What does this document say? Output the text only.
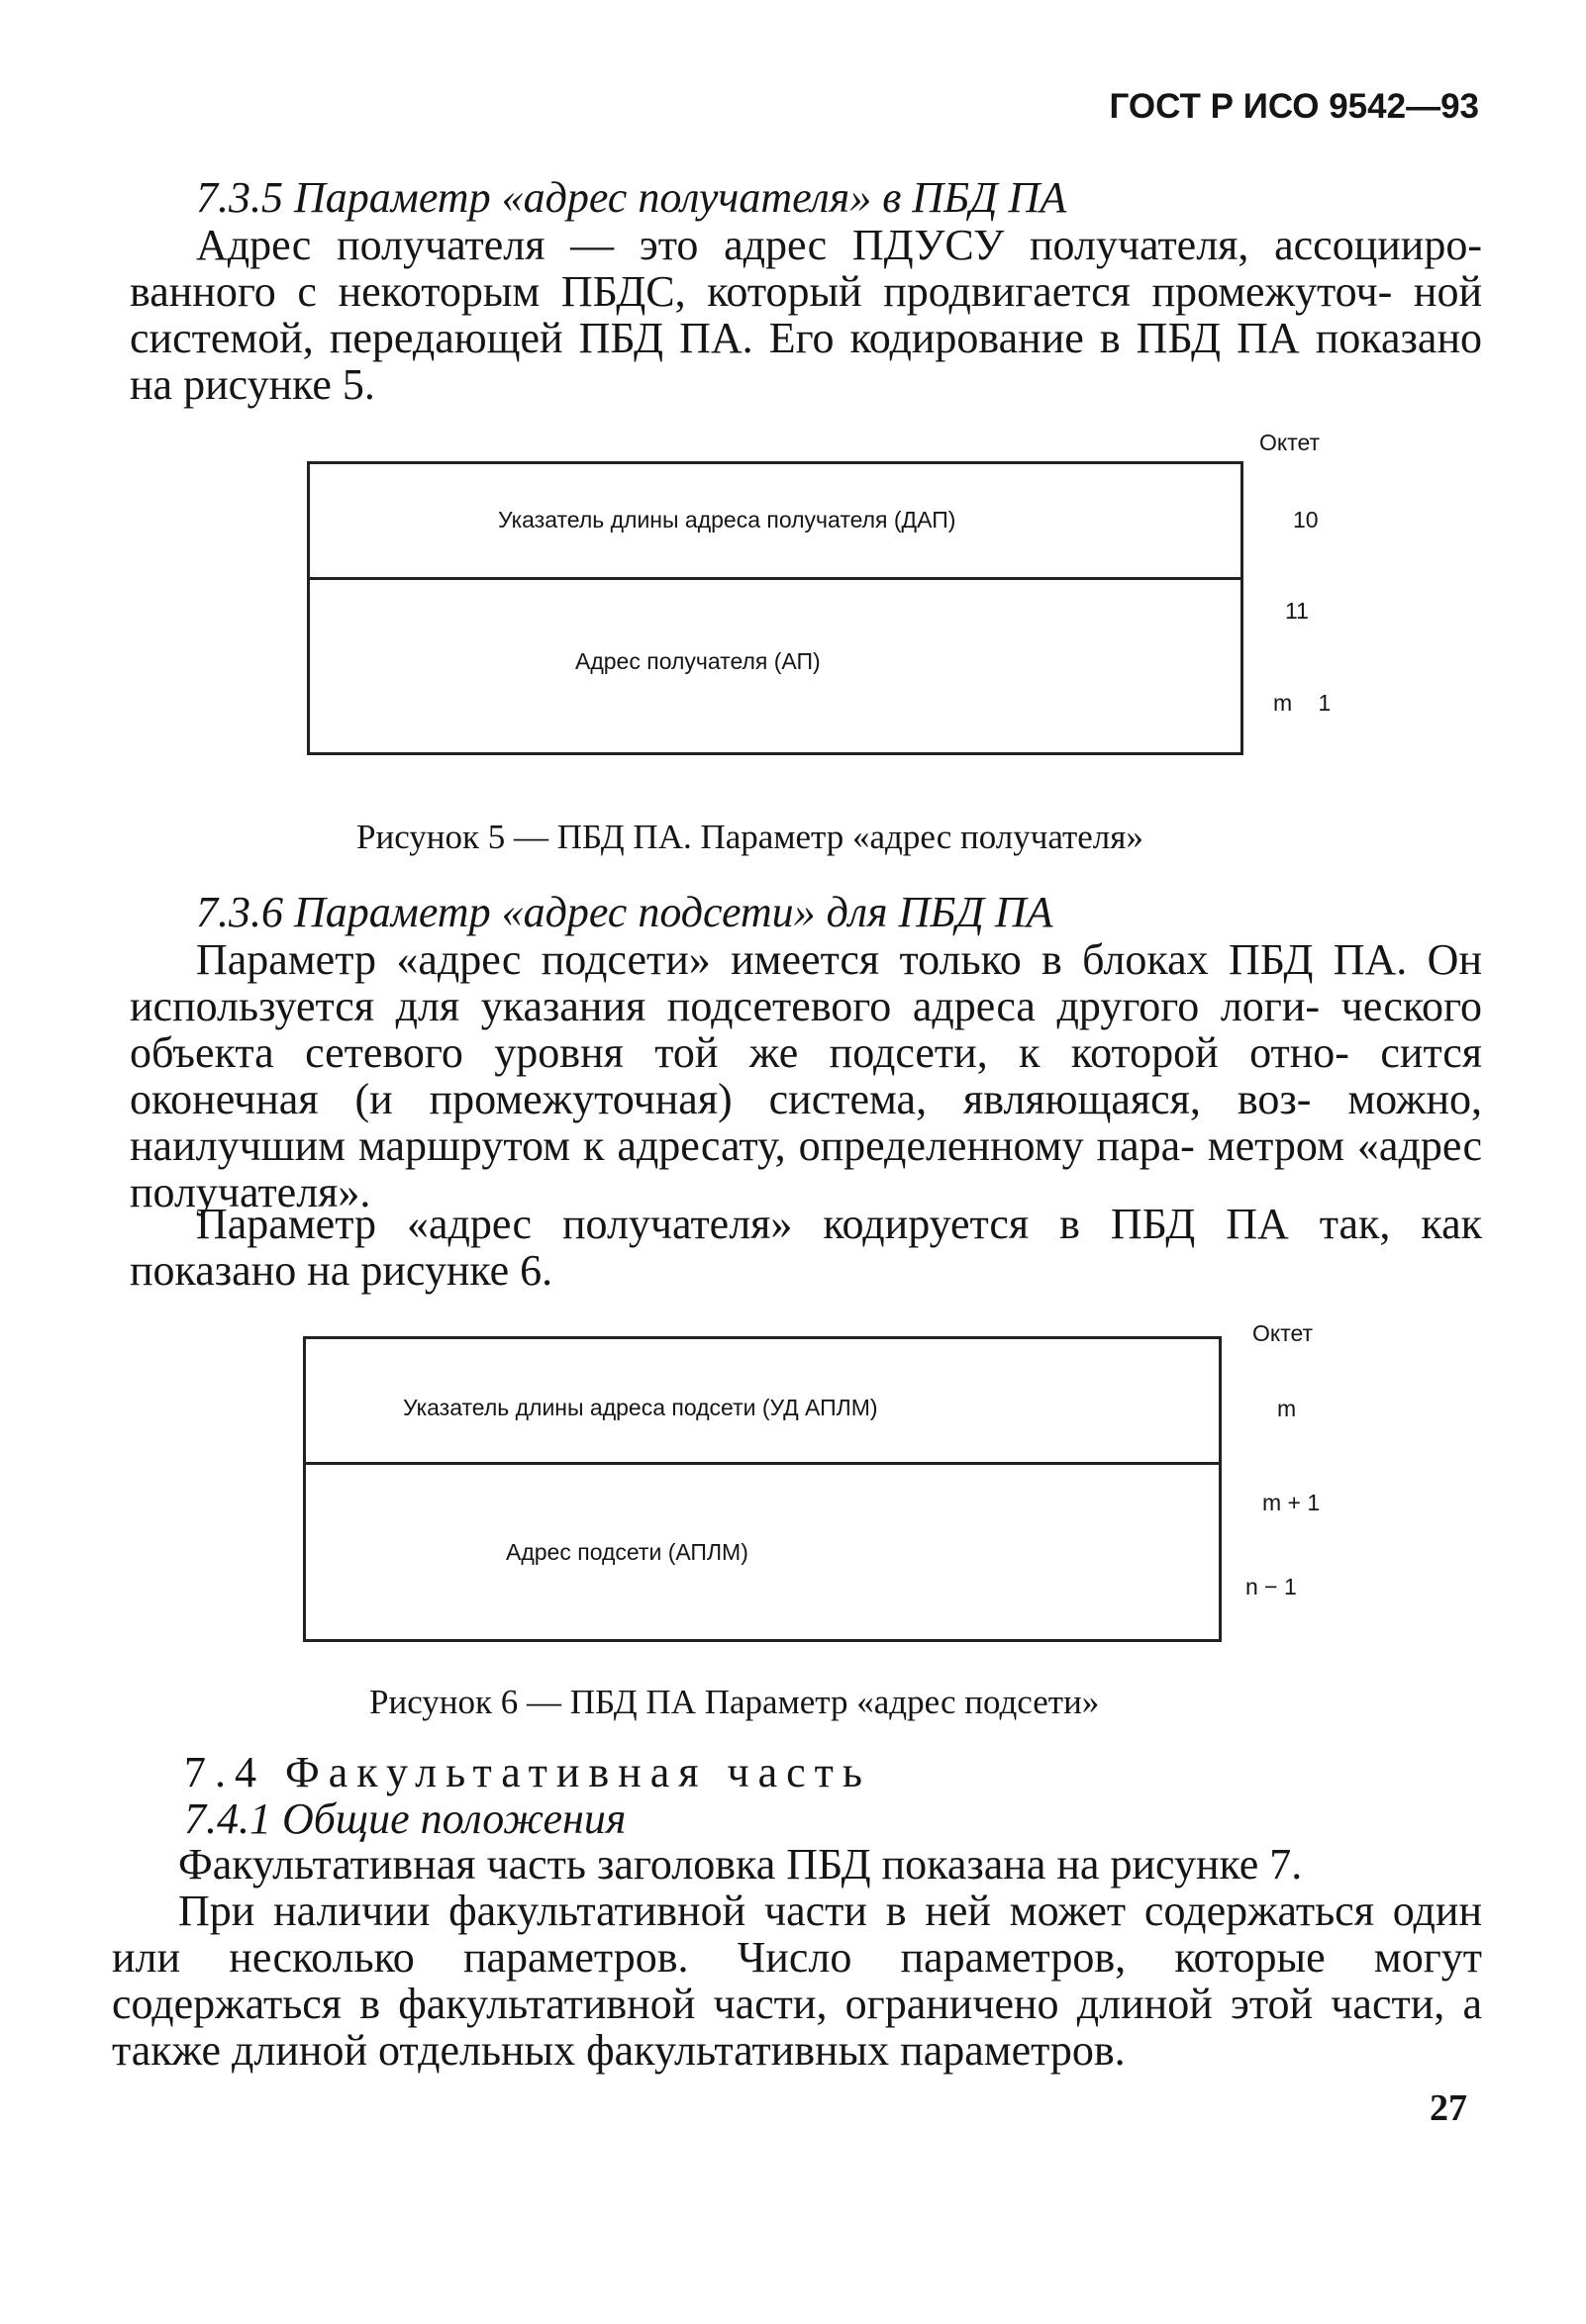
ГОСТ Р ИСО 9542—93
7.3.5 Параметр «адрес получателя» в ПБД ПА
Адрес получателя — это адрес ПДУСУ получателя, ассоцииро- ванного с некоторым ПБДС, который продвигается промежуточ- ной системой, передающей ПБД ПА. Его кодирование в ПБД ПА показано на рисунке 5.
Октет
Указатель длины адреса получателя (ДАП)
Адрес получателя (АП)
10
11
m 1
Рисунок 5 — ПБД ПА. Параметр «адрес получателя»
7.3.6 Параметр «адрес подсети» для ПБД ПА
Параметр «адрес подсети» имеется только в блоках ПБД ПА. Он используется для указания подсетевого адреса другого логи- ческого объекта сетевого уровня той же подсети, к которой отно- сится оконечная (и промежуточная) система, являющаяся, воз- можно, наилучшим маршрутом к адресату, определенному пара- метром «адрес получателя».
Параметр «адрес получателя» кодируется в ПБД ПА так, как показано на рисунке 6.
Октет
Указатель длины адреса подсети (УД АПЛМ)
Адрес подсети (АПЛМ)
m
m + 1
n − 1
Рисунок 6 — ПБД ПА Параметр «адрес подсети»
7.4 Факультативная часть
7.4.1 Общие положения
Факультативная часть заголовка ПБД показана на рисунке 7.
При наличии факультативной части в ней может содержаться один или несколько параметров. Число параметров, которые могут содержаться в факультативной части, ограничено длиной этой части, а также длиной отдельных факультативных параметров.
27
